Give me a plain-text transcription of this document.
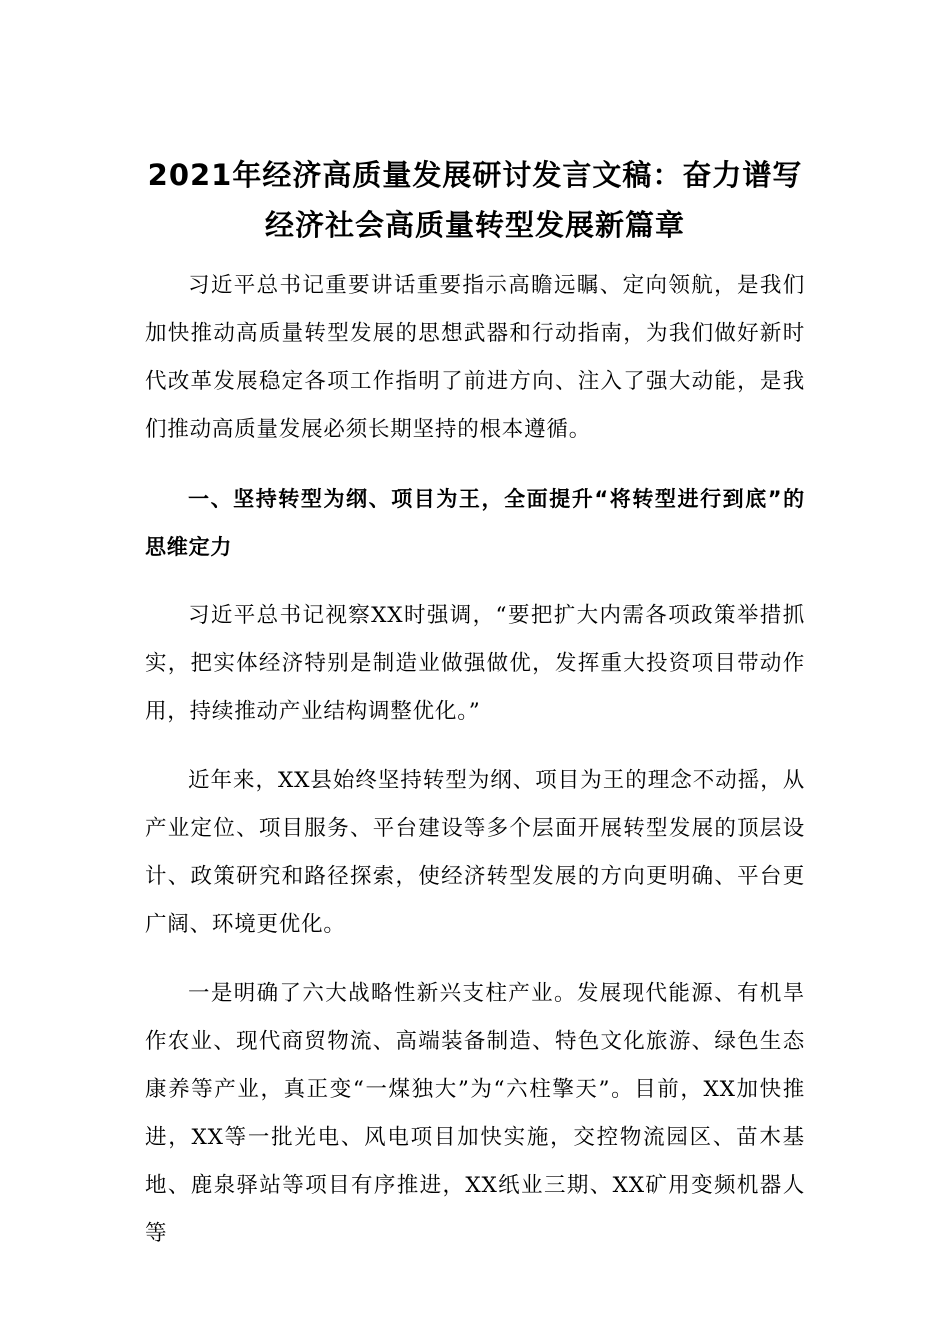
2021年经济高质量发展研讨发言文稿：奋力谱写经济社会高质量转型发展新篇章

习近平总书记重要讲话重要指示高瞻远瞩、定向领航，是我们加快推动高质量转型发展的思想武器和行动指南，为我们做好新时代改革发展稳定各项工作指明了前进方向、注入了强大动能，是我们推动高质量发展必须长期坚持的根本遵循。

一、坚持转型为纲、项目为王，全面提升“将转型进行到底”的思维定力

习近平总书记视察XX时强调，“要把扩大内需各项政策举措抓实，把实体经济特别是制造业做强做优，发挥重大投资项目带动作用，持续推动产业结构调整优化。”

近年来，XX县始终坚持转型为纲、项目为王的理念不动摇，从产业定位、项目服务、平台建设等多个层面开展转型发展的顶层设计、政策研究和路径探索，使经济转型发展的方向更明确、平台更广阔、环境更优化。

一是明确了六大战略性新兴支柱产业。发展现代能源、有机旱作农业、现代商贸物流、高端装备制造、特色文化旅游、绿色生态康养等产业，真正变“一煤独大”为“六柱擎天”。目前，XX加快推进，XX等一批光电、风电项目加快实施，交控物流园区、苗木基地、鹿泉驿站等项目有序推进，XX纸业三期、XX矿用变频机器人等
